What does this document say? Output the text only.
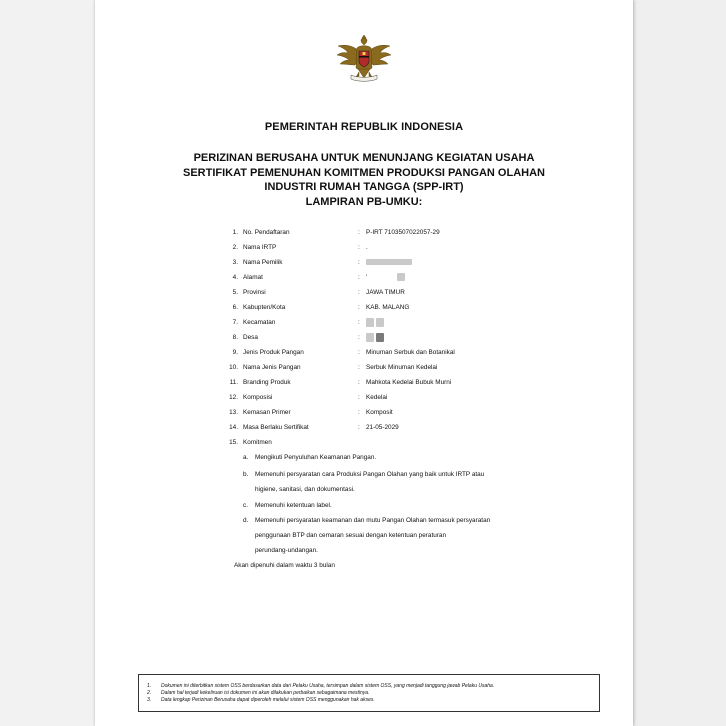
PEMERINTAH REPUBLIK INDONESIA
PERIZINAN BERUSAHA UNTUK MENUNJANG KEGIATAN USAHA
SERTIFIKAT PEMENUHAN KOMITMEN PRODUKSI PANGAN OLAHAN
INDUSTRI RUMAH TANGGA (SPP-IRT)
LAMPIRAN PB-UMKU:
1. No. Pendaftaran	: P-IRT 7103507022057-29
2. Nama IRTP	: .
3. Nama Pemilik	:
4. Alamat	: '
5. Provinsi	: JAWA TIMUR
6. Kabupten/Kota	: KAB. MALANG
7. Kecamatan	:
8. Desa	:
9. Jenis Produk Pangan	: Minuman Serbuk dan Botanikal
10. Nama Jenis Pangan	: Serbuk Minuman Kedelai
11. Branding Produk	: Mahkota Kedelai Bubuk Murni
12. Komposisi	: Kedelai
13. Kemasan Primer	: Komposit
14. Masa Berlaku Sertifikat	: 21-05-2029
15. Komitmen
a. Mengikuti Penyuluhan Keamanan Pangan.
b. Memenuhi persyaratan cara Produksi Pangan Olahan yang baik untuk IRTP atau
higiene, sanitasi, dan dokumentasi.
c. Memenuhi ketentuan label.
d. Memenuhi persyaratan keamanan dan mutu Pangan Olahan termasuk persyaratan
penggunaan BTP dan cemaran sesuai dengan ketentuan peraturan
perundang-undangan.
Akan dipenuhi dalam waktu 3 bulan
1. Dokumen ini diterbitkan sistem OSS berdasarkan data dari Pelaku Usaha, tersimpan dalam sistem OSS, yang menjadi tanggung jawab Pelaku Usaha.
2. Dalam hal terjadi kekeliruan isi dokumen ini akan dilakukan perbaikan sebagaimana mestinya.
3. Data lengkap Perizinan Berusaha dapat diperoleh melalui sistem OSS menggunakan hak akses.
